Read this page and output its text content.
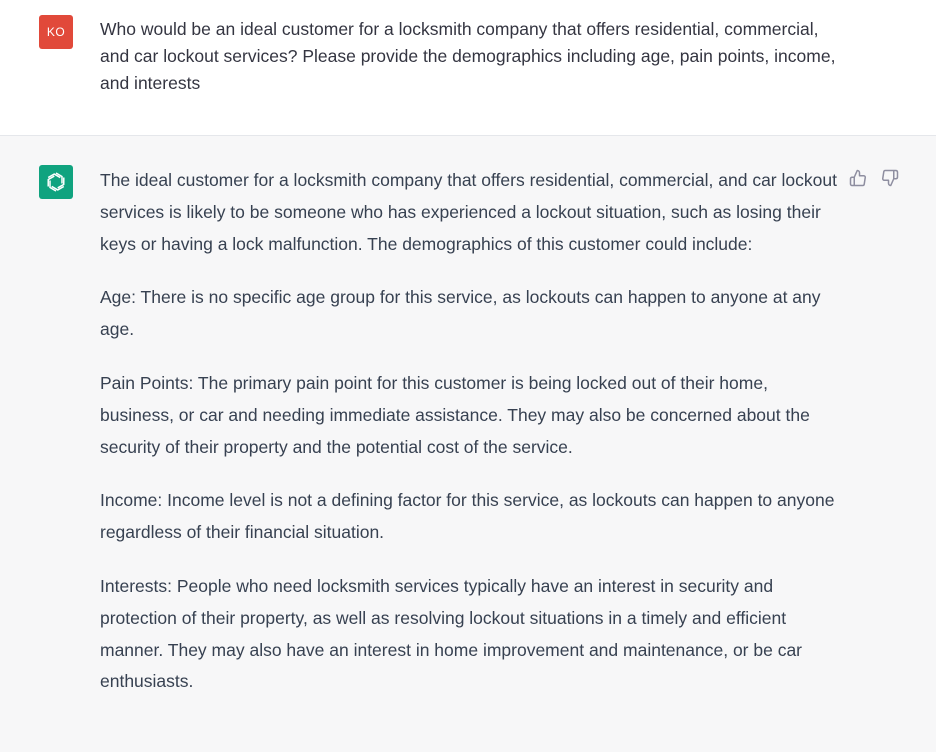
KO Who would be an ideal customer for a locksmith company that offers residential, commercial, and car lockout services? Please provide the demographics including age, pain points, income, and interests

The ideal customer for a locksmith company that offers residential, commercial, and car lockout services is likely to be someone who has experienced a lockout situation, such as losing their keys or having a lock malfunction. The demographics of this customer could include:

Age: There is no specific age group for this service, as lockouts can happen to anyone at any age.

Pain Points: The primary pain point for this customer is being locked out of their home, business, or car and needing immediate assistance. They may also be concerned about the security of their property and the potential cost of the service.

Income: Income level is not a defining factor for this service, as lockouts can happen to anyone regardless of their financial situation.

Interests: People who need locksmith services typically have an interest in security and protection of their property, as well as resolving lockout situations in a timely and efficient manner. They may also have an interest in home improvement and maintenance, or be car enthusiasts.
